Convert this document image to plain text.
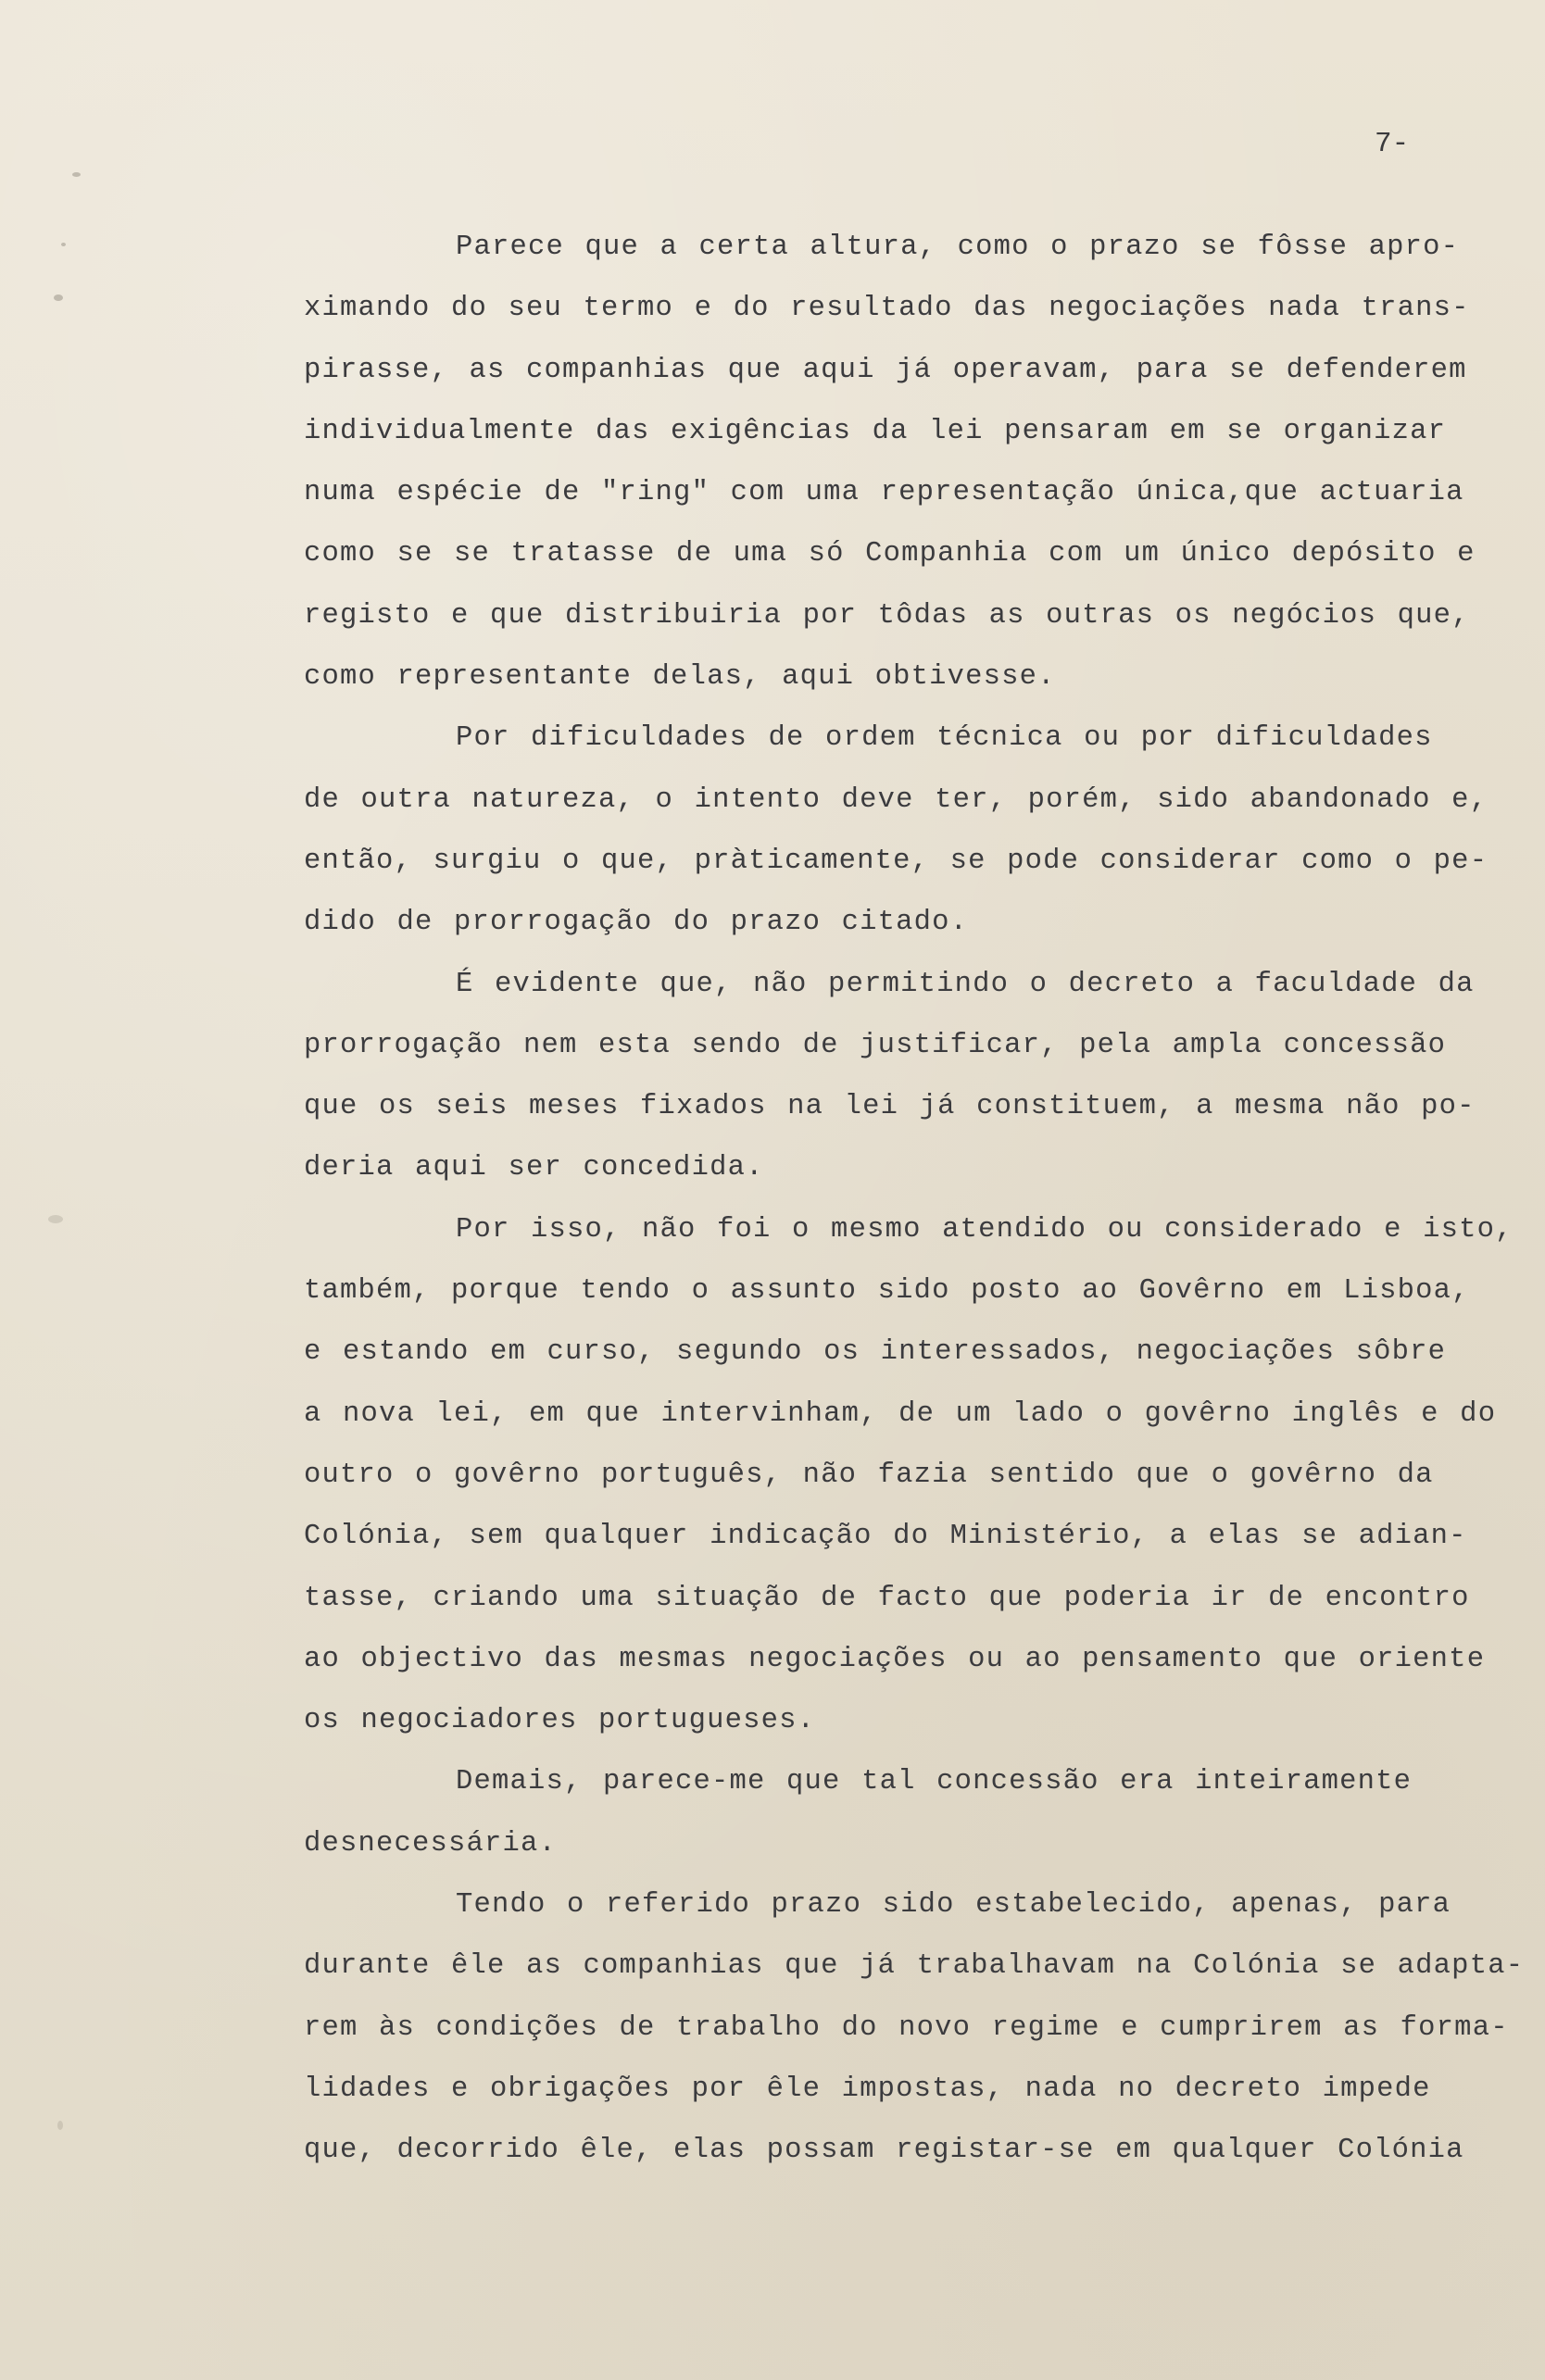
7-
Parece que a certa altura, como o prazo se fôsse apro-
ximando do seu termo e do resultado das negociações nada trans-
pirasse, as companhias que aqui já operavam, para se defenderem
individualmente das exigências da lei pensaram em se organizar
numa espécie de "ring" com uma representação única,que actuaria
como se se tratasse de uma só Companhia com um único depósito e
registo e que distribuiria por tôdas as outras os negócios que,
como representante delas, aqui obtivesse.
Por dificuldades de ordem técnica ou por dificuldades
de outra natureza, o intento deve ter, porém, sido abandonado e,
então, surgiu o que, pràticamente, se pode considerar como o pe-
dido de prorrogação do prazo citado.
É evidente que, não permitindo o decreto a faculdade da
prorrogação nem esta sendo de justificar, pela ampla concessão
que os seis meses fixados na lei já constituem, a mesma não po-
deria aqui ser concedida.
Por isso, não foi o mesmo atendido ou considerado e isto,
também, porque tendo o assunto sido posto ao Govêrno em Lisboa,
e estando em curso, segundo os interessados, negociações sôbre
a nova lei, em que intervinham, de um lado o govêrno inglês e do
outro o govêrno português, não fazia sentido que o govêrno da
Colónia, sem qualquer indicação do Ministério, a elas se adian-
tasse, criando uma situação de facto que poderia ir de encontro
ao objectivo das mesmas negociações ou ao pensamento que oriente
os negociadores portugueses.
Demais, parece-me que tal concessão era inteiramente
desnecessária.
Tendo o referido prazo sido estabelecido, apenas, para
durante êle as companhias que já trabalhavam na Colónia se adapta-
rem às condições de trabalho do novo regime e cumprirem as forma-
lidades e obrigações por êle impostas, nada no decreto impede
que, decorrido êle, elas possam registar-se em qualquer Colónia
